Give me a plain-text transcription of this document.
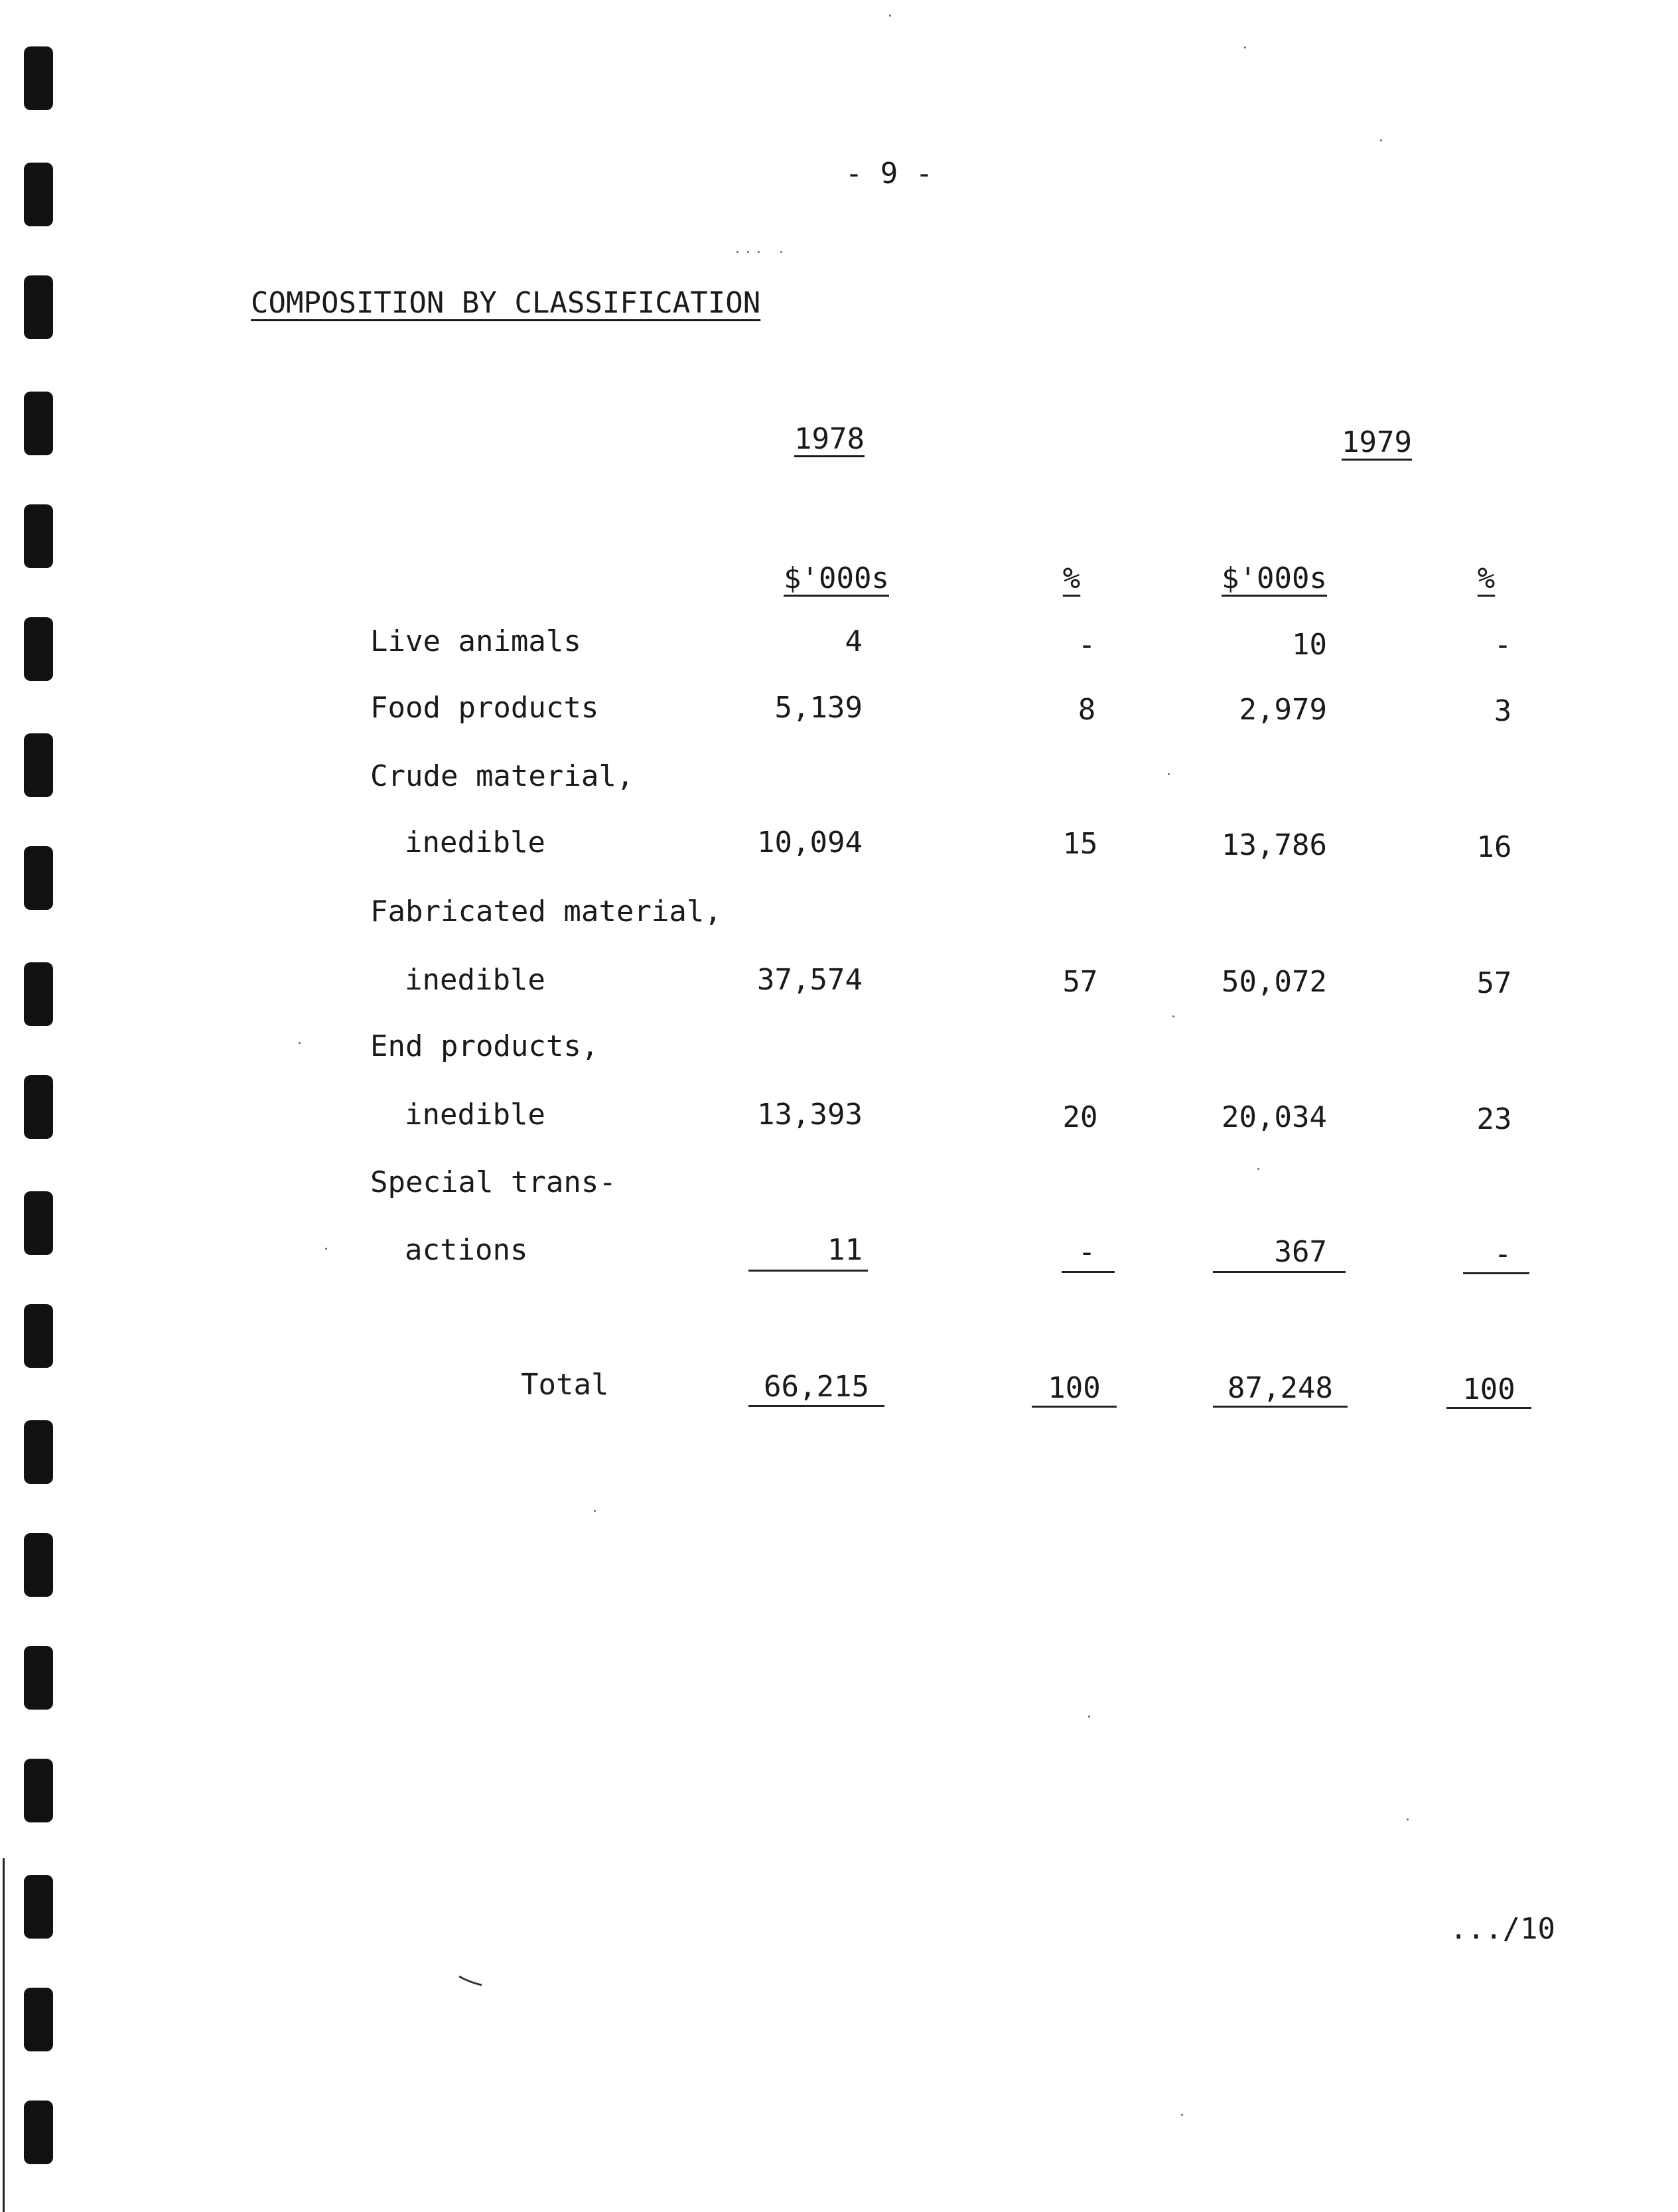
- 9 -
COMPOSITION BY CLASSIFICATION
1978	1979
$'000s	%	$'000s	%
Live animals	4	-	10	-
Food products	5,139	8	2,979	3
Crude material,
inedible	10,094	15	13,786	16
Fabricated material,
inedible	37,574	57	50,072	57
End products,
inedible	13,393	20	20,034	23
Special trans-
actions	11	-	367	-
Total	66,215	100	87,248	100
.../10
